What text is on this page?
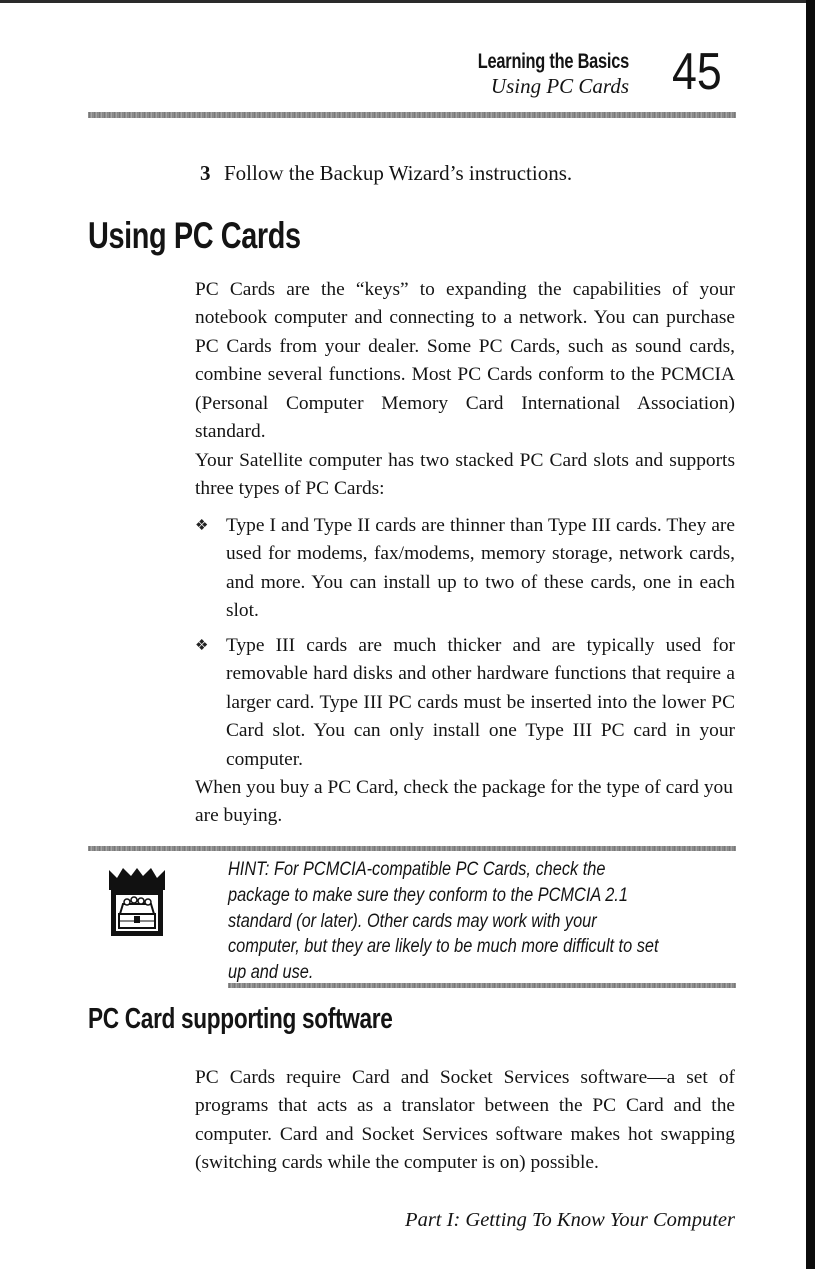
Learning the Basics
Using PC Cards 45
3 Follow the Backup Wizard’s instructions.
Using PC Cards
PC Cards are the “keys” to expanding the capabilities of your notebook computer and connecting to a network. You can purchase PC Cards from your dealer. Some PC Cards, such as sound cards, combine several functions. Most PC Cards conform to the PCMCIA (Personal Computer Memory Card International Association) standard.
Your Satellite computer has two stacked PC Card slots and supports three types of PC Cards:
❖ Type I and Type II cards are thinner than Type III cards. They are used for modems, fax/modems, memory storage, network cards, and more. You can install up to two of these cards, one in each slot.
❖ Type III cards are much thicker and are typically used for removable hard disks and other hardware functions that require a larger card. Type III PC cards must be inserted into the lower PC Card slot. You can only install one Type III PC card in your computer.
When you buy a PC Card, check the package for the type of card you are buying.
HINT: For PCMCIA-compatible PC Cards, check the package to make sure they conform to the PCMCIA 2.1 standard (or later). Other cards may work with your computer, but they are likely to be much more difficult to set up and use.
PC Card supporting software
PC Cards require Card and Socket Services software—a set of programs that acts as a translator between the PC Card and the computer. Card and Socket Services software makes hot swapping (switching cards while the computer is on) possible.
Part I: Getting To Know Your Computer
